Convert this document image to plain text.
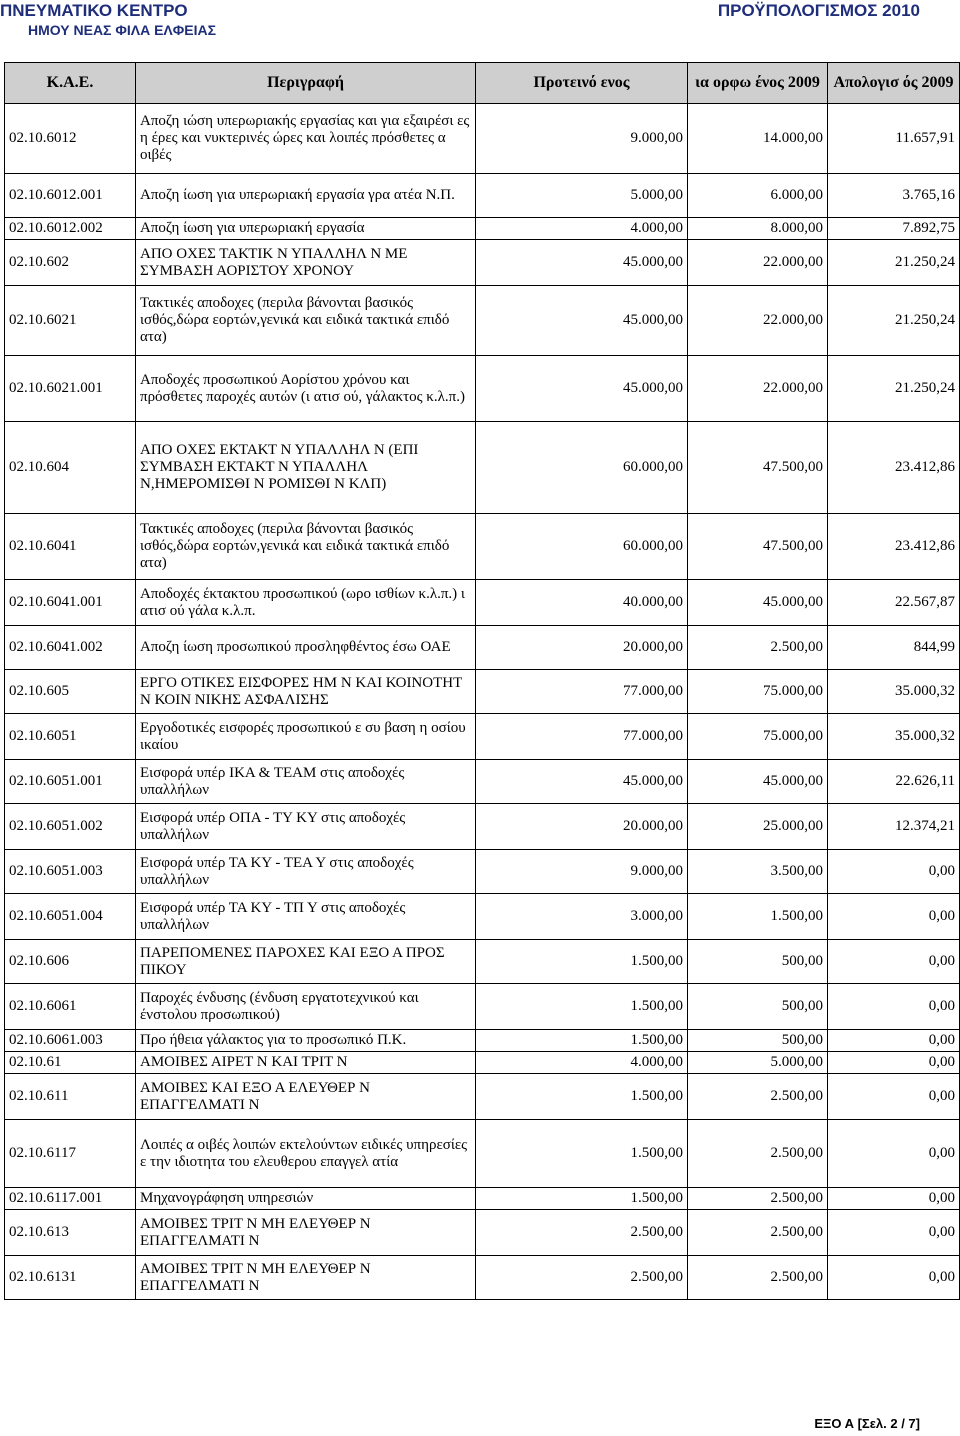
ΠΝΕΥΜΑΤΙΚΟ ΚΕΝΤΡΟ
ΗΜΟΥ ΝΕΑΣ ΦΙΛΑ ΕΛΦΕΙΑΣ
ΠΡΟΫΠΟΛΟΓΙΣΜΟΣ 2010
Κ.Α.Ε.	Περιγραφή	Προτεινό ενος	ια ορφω ένος 2009	Απολογισ ός 2009
02.10.6012	Αποζη ιώση υπερωριακής εργασίας και για εξαιρέσι ες η έρες και νυκτερινές ώρες και λοιπές πρόσθετες α οιβές	9.000,00	14.000,00	11.657,91
02.10.6012.001	Αποζη ίωση για υπερωριακή εργασία γρα ατέα Ν.Π.	5.000,00	6.000,00	3.765,16
02.10.6012.002	Αποζη ίωση για υπερωριακή εργασία	4.000,00	8.000,00	7.892,75
02.10.602	ΑΠΟ ΟΧΕΣ ΤΑΚΤΙΚ Ν ΥΠΑΛΛΗΛ Ν ΜΕ ΣΥΜΒΑΣΗ ΑΟΡΙΣΤΟΥ ΧΡΟΝΟΥ	45.000,00	22.000,00	21.250,24
02.10.6021	Τακτικές αποδοχες (περιλα βάνονται βασικός ισθός,δώρα εορτών,γενικά και ειδικά τακτικά επιδό ατα)	45.000,00	22.000,00	21.250,24
02.10.6021.001	Αποδοχές προσωπικού Αορίστου χρόνου και πρόσθετες παροχές αυτών (ι ατισ ού, γάλακτος κ.λ.π.)	45.000,00	22.000,00	21.250,24
02.10.604	ΑΠΟ ΟΧΕΣ ΕΚΤΑΚΤ Ν ΥΠΑΛΛΗΛ Ν (ΕΠΙ ΣΥΜΒΑΣΗ ΕΚΤΑΚΤ Ν ΥΠΑΛΛΗΛ Ν,ΗΜΕΡΟΜΙΣΘΙ Ν ΡΟΜΙΣΘΙ Ν ΚΛΠ)	60.000,00	47.500,00	23.412,86
02.10.6041	Τακτικές αποδοχες (περιλα βάνονται βασικός ισθός,δώρα εορτών,γενικά και ειδικά τακτικά επιδό ατα)	60.000,00	47.500,00	23.412,86
02.10.6041.001	Αποδοχές έκτακτου προσωπικού (ωρο ισθίων κ.λ.π.) ι ατισ ού γάλα κ.λ.π.	40.000,00	45.000,00	22.567,87
02.10.6041.002	Αποζη ίωση προσωπικού προσληφθέντος έσω ΟΑΕ	20.000,00	2.500,00	844,99
02.10.605	ΕΡΓΟ ΟΤΙΚΕΣ ΕΙΣΦΟΡΕΣ ΗΜ Ν ΚΑΙ ΚΟΙΝΟΤΗΤ Ν ΚΟΙΝ ΝΙΚΗΣ ΑΣΦΑΛΙΣΗΣ	77.000,00	75.000,00	35.000,32
02.10.6051	Εργοδοτικές εισφορές προσωπικού ε συ βαση η οσίου ικαίου	77.000,00	75.000,00	35.000,32
02.10.6051.001	Εισφορά υπέρ ΙΚΑ & ΤΕΑΜ στις αποδοχές υπαλλήλων	45.000,00	45.000,00	22.626,11
02.10.6051.002	Εισφορά υπέρ ΟΠΑ - ΤΥ ΚΥ στις αποδοχές υπαλλήλων	20.000,00	25.000,00	12.374,21
02.10.6051.003	Εισφορά υπέρ ΤΑ ΚΥ - ΤΕΑ Υ στις αποδοχές υπαλλήλων	9.000,00	3.500,00	0,00
02.10.6051.004	Εισφορά υπέρ ΤΑ ΚΥ - ΤΠ Υ στις αποδοχές υπαλλήλων	3.000,00	1.500,00	0,00
02.10.606	ΠΑΡΕΠΟΜΕΝΕΣ ΠΑΡΟΧΕΣ ΚΑΙ ΕΞΟ Α ΠΡΟΣ ΠΙΚΟΥ	1.500,00	500,00	0,00
02.10.6061	Παροχές ένδυσης (ένδυση εργατοτεχνικού και ένστολου προσωπικού)	1.500,00	500,00	0,00
02.10.6061.003	Προ ήθεια γάλακτος για το προσωπικό Π.Κ.	1.500,00	500,00	0,00
02.10.61	ΑΜΟΙΒΕΣ ΑΙΡΕΤ Ν ΚΑΙ ΤΡΙΤ Ν	4.000,00	5.000,00	0,00
02.10.611	ΑΜΟΙΒΕΣ ΚΑΙ ΕΞΟ Α ΕΛΕΥΘΕΡ Ν ΕΠΑΓΓΕΛΜΑΤΙ Ν	1.500,00	2.500,00	0,00
02.10.6117	Λοιπές α οιβές λοιπών εκτελούντων ειδικές υπηρεσίες ε την ιδιοτητα του ελευθερου επαγγελ ατία	1.500,00	2.500,00	0,00
02.10.6117.001	Μηχανογράφηση υπηρεσιών	1.500,00	2.500,00	0,00
02.10.613	ΑΜΟΙΒΕΣ ΤΡΙΤ Ν ΜΗ ΕΛΕΥΘΕΡ Ν ΕΠΑΓΓΕΛΜΑΤΙ Ν	2.500,00	2.500,00	0,00
02.10.6131	ΑΜΟΙΒΕΣ ΤΡΙΤ Ν ΜΗ ΕΛΕΥΘΕΡ Ν ΕΠΑΓΓΕΛΜΑΤΙ Ν	2.500,00	2.500,00	0,00
ΕΞΟ Α [Σελ. 2 / 7]
